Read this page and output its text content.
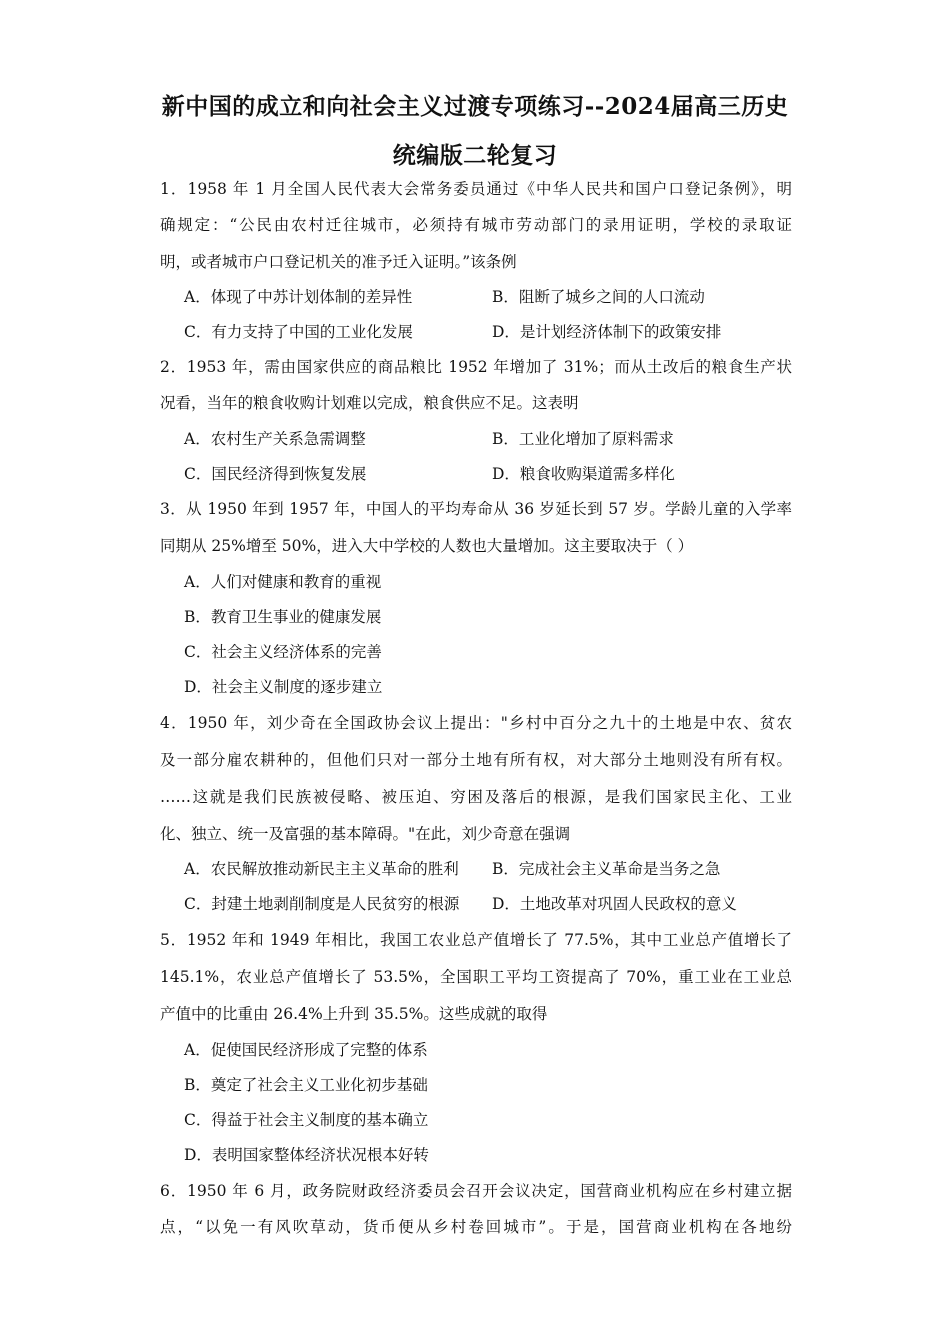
新中国的成立和向社会主义过渡专项练习--2024届高三历史
统编版二轮复习
1．1958 年 1 月全国人民代表大会常务委员通过《中华人民共和国户口登记条例》，明
确规定：“公民由农村迁往城市，必须持有城市劳动部门的录用证明，学校的录取证
明，或者城市户口登记机关的准予迁入证明。”该条例
A．体现了中苏计划体制的差异性	B．阻断了城乡之间的人口流动
C．有力支持了中国的工业化发展	D．是计划经济体制下的政策安排
2．1953 年，需由国家供应的商品粮比 1952 年增加了 31%；而从土改后的粮食生产状
况看，当年的粮食收购计划难以完成，粮食供应不足。这表明
A．农村生产关系急需调整	B．工业化增加了原料需求
C．国民经济得到恢复发展	D．粮食收购渠道需多样化
3．从 1950 年到 1957 年，中国人的平均寿命从 36 岁延长到 57 岁。学龄儿童的入学率
同期从 25%增至 50%，进入大中学校的人数也大量增加。这主要取决于（ ）
A．人们对健康和教育的重视
B．教育卫生事业的健康发展
C．社会主义经济体系的完善
D．社会主义制度的逐步建立
4．1950 年，刘少奇在全国政协会议上提出："乡村中百分之九十的土地是中农、贫农
及一部分雇农耕种的，但他们只对一部分土地有所有权，对大部分土地则没有所有权。
……这就是我们民族被侵略、被压迫、穷困及落后的根源，是我们国家民主化、工业
化、独立、统一及富强的基本障碍。"在此，刘少奇意在强调
A．农民解放推动新民主主义革命的胜利 B．完成社会主义革命是当务之急
C．封建土地剥削制度是人民贫穷的根源 D．土地改革对巩固人民政权的意义
5．1952 年和 1949 年相比，我国工农业总产值增长了 77.5%，其中工业总产值增长了
145.1%，农业总产值增长了 53.5%，全国职工平均工资提高了 70%，重工业在工业总
产值中的比重由 26.4%上升到 35.5%。这些成就的取得
A．促使国民经济形成了完整的体系
B．奠定了社会主义工业化初步基础
C．得益于社会主义制度的基本确立
D．表明国家整体经济状况根本好转
6．1950 年 6 月，政务院财政经济委员会召开会议决定，国营商业机构应在乡村建立据
点，“以免一有风吹草动，货币便从乡村卷回城市”。于是，国营商业机构在各地纷
